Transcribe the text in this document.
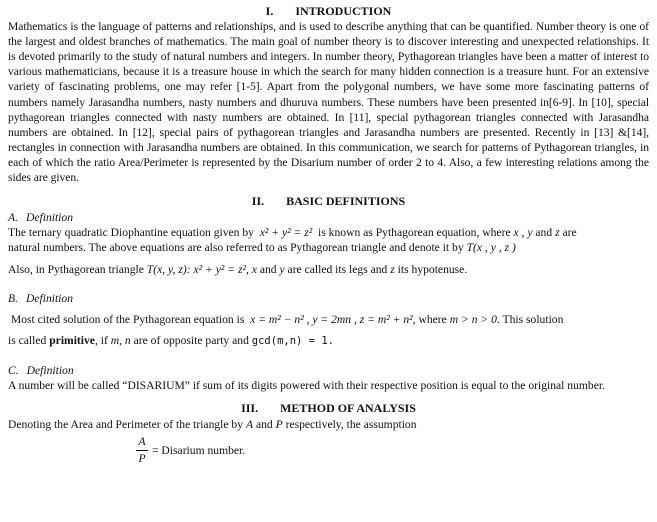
I. INTRODUCTION

Mathematics is the language of patterns and relationships, and is used to describe anything that can be quantified. Number theory is one of the largest and oldest branches of mathematics. The main goal of number theory is to discover interesting and unexpected relationships. It is devoted primarily to the study of natural numbers and integers. In number theory, Pythagorean triangles have been a matter of interest to various mathematicians, because it is a treasure house in which the search for many hidden connection is a treasure hunt. For an extensive variety of fascinating problems, one may refer [1-5]. Apart from the polygonal numbers, we have some more fascinating patterns of numbers namely Jarasandha numbers, nasty numbers and dhuruva numbers. These numbers have been presented in[6-9]. In [10], special pythagorean triangles connected with nasty numbers are obtained. In [11], special pythagorean triangles connected with Jarasandha numbers are obtained. In [12], special pairs of pythagorean triangles and Jarasandha numbers are presented. Recently in [13] &[14], rectangles in connection with Jarasandha numbers are obtained. In this communication, we search for patterns of Pythagorean triangles, in each of which the ratio Area/Perimeter is represented by the Disarium number of order 2 to 4. Also, a few interesting relations among the sides are given.

II. BASIC DEFINITIONS

A. Definition

The ternary quadratic Diophantine equation given by x² + y² = z² is known as Pythagorean equation, where x , y and z are

natural numbers. The above equations are also referred to as Pythagorean triangle and denote it by T(x , y , z )

Also, in Pythagorean triangle T(x, y, z): x² + y² = z², x and y are called its legs and z its hypotenuse.

B. Definition

Most cited solution of the Pythagorean equation is x = m² − n² , y = 2mn , z = m² + n², where m > n > 0. This solution

is called primitive, if m, n are of opposite party and gcd(m,n) = 1.

C. Definition

A number will be called “DISARIUM” if sum of its digits powered with their respective position is equal to the original number.

III. METHOD OF ANALYSIS

Denoting the Area and Perimeter of the triangle by A and P respectively, the assumption

$\frac{A}{P}$ = Disarium number.
